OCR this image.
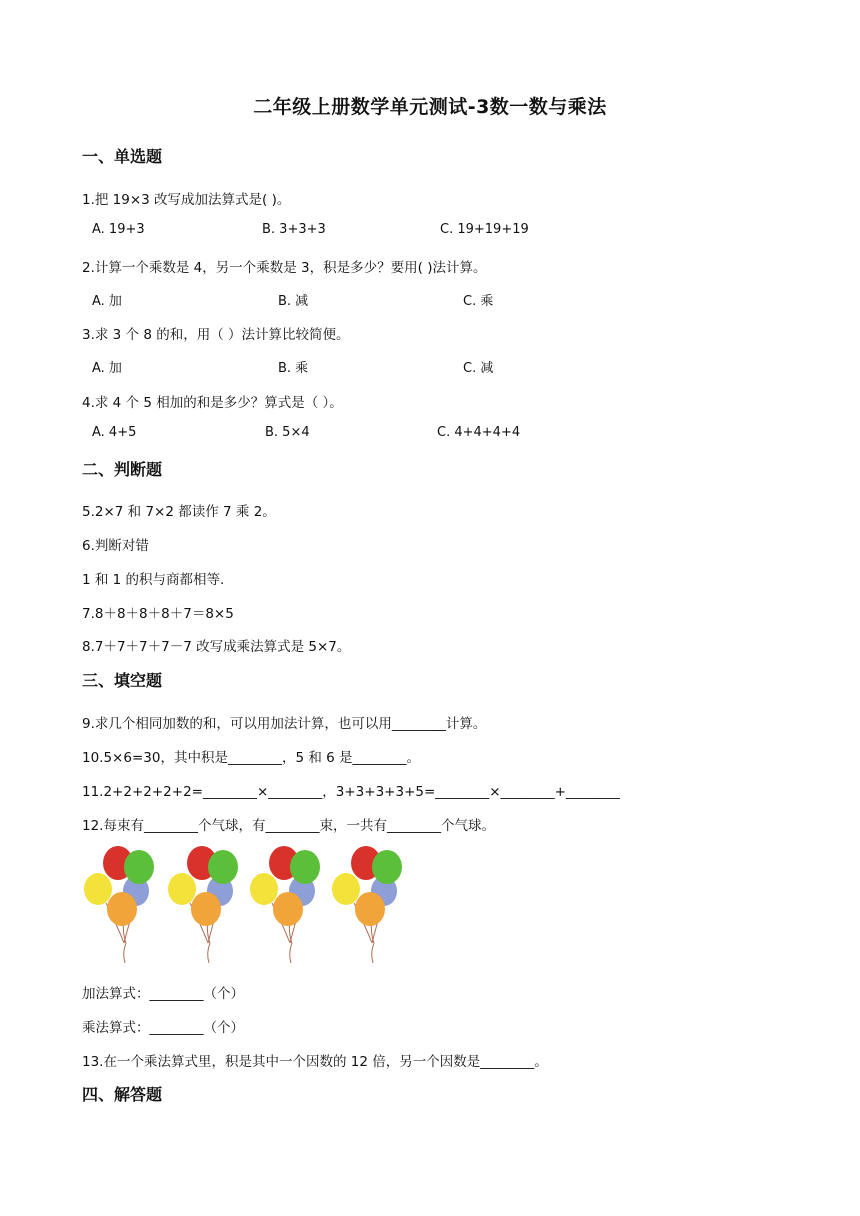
二年级上册数学单元测试-3数一数与乘法
一、单选题
1.把 19×3 改写成加法算式是( )。
A. 19+3	B. 3+3+3	C. 19+19+19
2.计算一个乘数是 4，另一个乘数是 3，积是多少？要用( )法计算。
A. 加	B. 减	C. 乘
3.求 3 个 8 的和，用（ ）法计算比较简便。
A. 加	B. 乘	C. 减
4.求 4 个 5 相加的和是多少？算式是（ ）。
A. 4+5	B. 5×4	C. 4+4+4+4
二、判断题
5.2×7 和 7×2 都读作 7 乘 2。
6.判断对错
1 和 1 的积与商都相等.
7.8＋8＋8＋8＋7＝8×5
8.7＋7＋7＋7－7 改写成乘法算式是 5×7。
三、填空题
9.求几个相同加数的和，可以用加法计算，也可以用________计算。
10.5×6=30，其中积是________，5 和 6 是________。
11.2+2+2+2+2=________×________，3+3+3+3+5=________×________+________
12.每束有________个气球，有________束，一共有________个气球。
加法算式：________（个）
乘法算式：________（个）
13.在一个乘法算式里，积是其中一个因数的 12 倍，另一个因数是________。
四、解答题
